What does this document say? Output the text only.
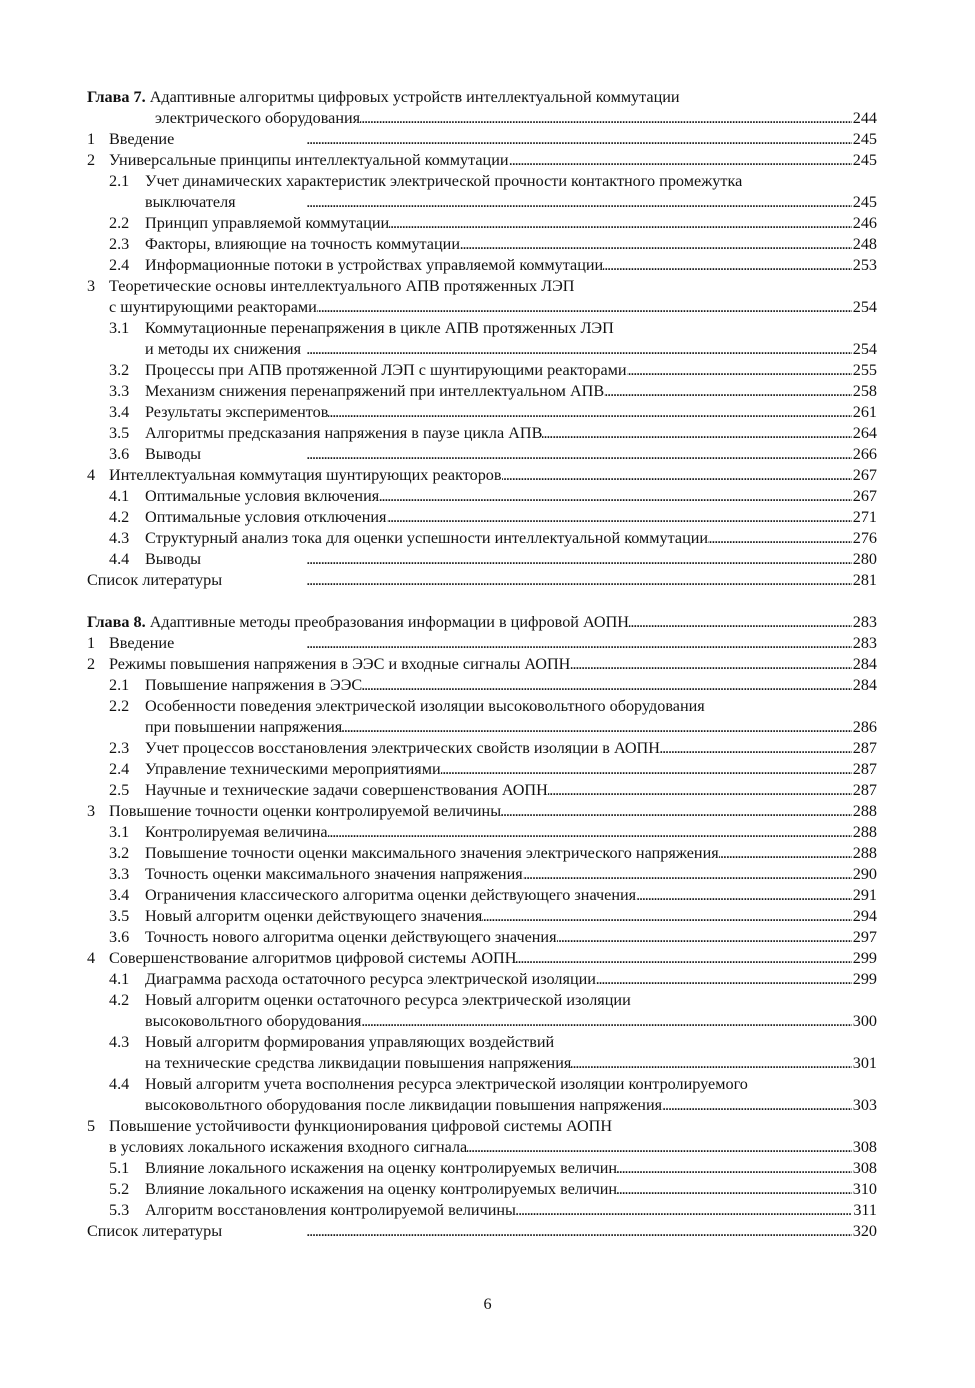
Глава 7.
Адаптивные алгоритмы цифровых устройств интеллектуальной коммутации
электрического оборудования . . .	244
1 Введение . . .	245
2 Универсальные принципы интеллектуальной коммутации . . .	245
2.1 Учет динамических характеристик электрической прочности контактного промежутка
выключателя . . .	245
2.2 Принцип управляемой коммутации . . .	246
2.3 Факторы, влияющие на точность коммутации . . .	248
2.4 Информационные потоки в устройствах управляемой коммутации . . .	253
3 Теоретические основы интеллектуального АПВ протяженных ЛЭП
с шунтирующими реакторами . . .	254
3.1 Коммутационные перенапряжения в цикле АПВ протяженных ЛЭП
и методы их снижения . . .	254
3.2 Процессы при АПВ протяженной ЛЭП с шунтирующими реакторами . . .	255
3.3 Механизм снижения перенапряжений при интеллектуальном АПВ . . .	258
3.4 Результаты экспериментов . . .	261
3.5 Алгоритмы предсказания напряжения в паузе цикла АПВ . . .	264
3.6 Выводы . . .	266
4 Интеллектуальная коммутация шунтирующих реакторов . . .	267
4.1 Оптимальные условия включения . . .	267
4.2 Оптимальные условия отключения . . .	271
4.3 Структурный анализ тока для оценки успешности интеллектуальной коммутации . . .	276
4.4 Выводы . . .	280
Список литературы . . .	281
Глава 8.
Адаптивные методы преобразования информации в цифровой АОПН . . .	283
1 Введение . . .	283
2 Режимы повышения напряжения в ЭЭС и входные сигналы АОПН . . .	284
2.1 Повышение напряжения в ЭЭС . . .	284
2.2 Особенности поведения электрической изоляции высоковольтного оборудования
при повышении напряжения . . .	286
2.3 Учет процессов восстановления электрических свойств изоляции в АОПН . . .	287
2.4 Управление техническими мероприятиями . . .	287
2.5 Научные и технические задачи совершенствования АОПН . . .	287
3 Повышение точности оценки контролируемой величины . . .	288
3.1 Контролируемая величина . . .	288
3.2 Повышение точности оценки максимального значения электрического напряжения . . .	288
3.3 Точность оценки максимального значения напряжения . . .	290
3.4 Ограничения классического алгоритма оценки действующего значения . . .	291
3.5 Новый алгоритм оценки действующего значения . . .	294
3.6 Точность нового алгоритма оценки действующего значения . . .	297
4 Совершенствование алгоритмов цифровой системы АОПН . . .	299
4.1 Диаграмма расхода остаточного ресурса электрической изоляции . . .	299
4.2 Новый алгоритм оценки остаточного ресурса электрической изоляции
высоковольтного оборудования . . .	300
4.3 Новый алгоритм формирования управляющих воздействий
на технические средства ликвидации повышения напряжения . . .	301
4.4 Новый алгоритм учета восполнения ресурса электрической изоляции контролируемого
высоковольтного оборудования после ликвидации повышения напряжения . . .	303
5 Повышение устойчивости функционирования цифровой системы АОПН
в условиях локального искажения входного сигнала . . .	308
5.1 Влияние локального искажения на оценку контролируемых величин . . .	308
5.2 Влияние локального искажения на оценку контролируемых величин . . .	310
5.3 Алгоритм восстановления контролируемой величины . . .	311
Список литературы . . .	320
6
